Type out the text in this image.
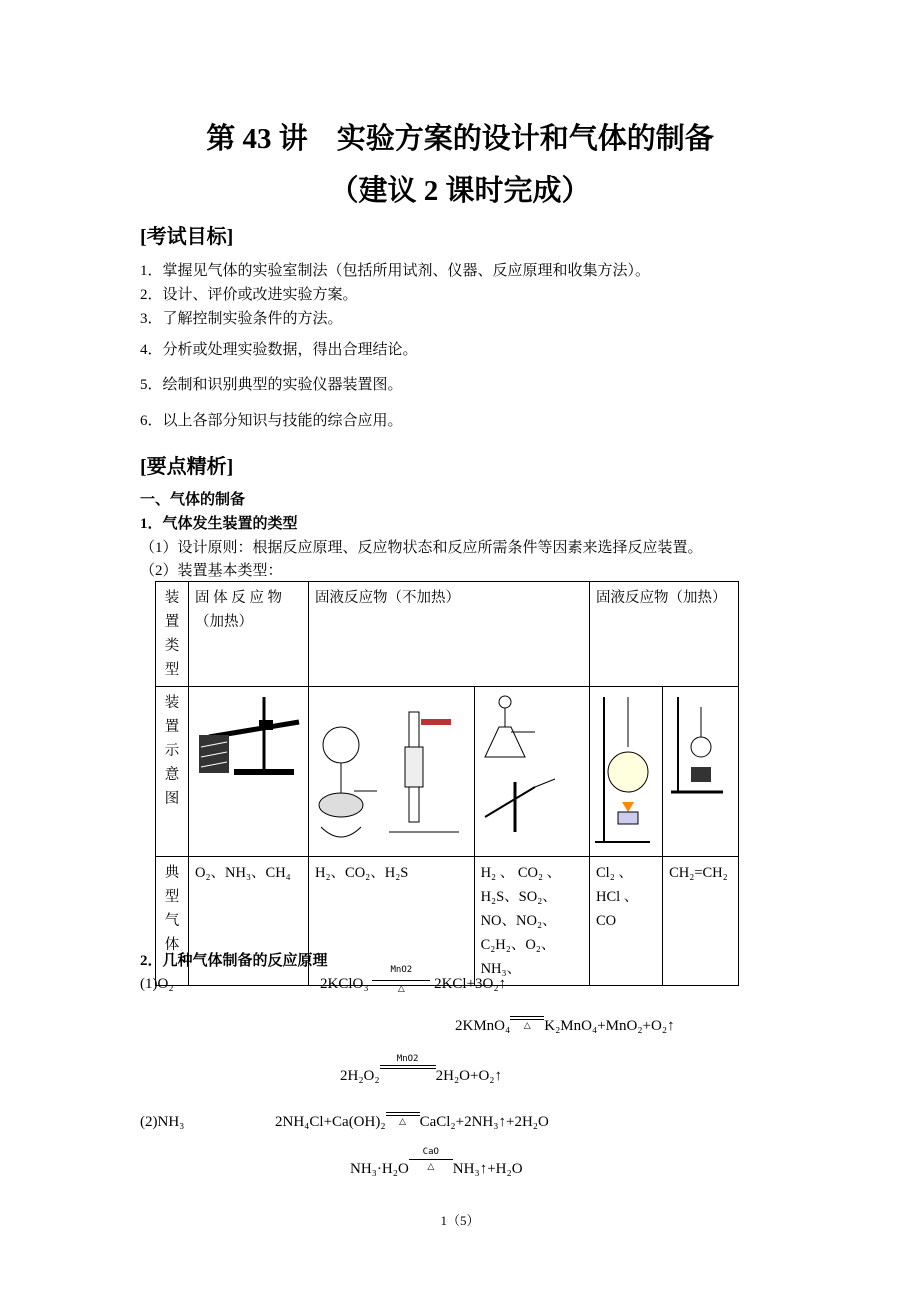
第 43 讲　实验方案的设计和气体的制备
（建议 2 课时完成）
[考试目标]
1．掌握见气体的实验室制法（包括所用试剂、仪器、反应原理和收集方法）。
2．设计、评价或改进实验方案。
3．了解控制实验条件的方法。
4．分析或处理实验数据，得出合理结论。
5．绘制和识别典型的实验仪器装置图。
6．以上各部分知识与技能的综合应用。
[要点精析]
一、气体的制备
1．气体发生装置的类型
（1）设计原则：根据反应原理、反应物状态和反应所需条件等因素来选择反应装置。
（2）装置基本类型：
装
置
类
型	固 体 反 应 物（加热）	固液反应物（不加热）		固液反应物（加热）	

装
置
示
意
图

典
型
气
体	O₂、NH₃、CH₄	H₂、CO₂、H₂S	H₂ 、 CO₂ 、H₂S、SO₂、NO、NO₂、C₂H₂、O₂、NH₃、	Cl₂ 、HCl 、CO	CH₂=CH₂
2．几种气体制备的反应原理
(1)O₂	2KClO₃
MnO2
△	2KCl+3O₂↑
2KMnO₄	△ K₂MnO₄+MnO₂+O₂↑
2H₂O₂
MnO2
2H₂O+O₂↑
(2)NH₃	2NH₄Cl+Ca(OH)₂	△ CaCl₂+2NH₃↑+2H₂O
NH₃·H₂O
CaO
△	NH₃↑+H₂O
1（5）
